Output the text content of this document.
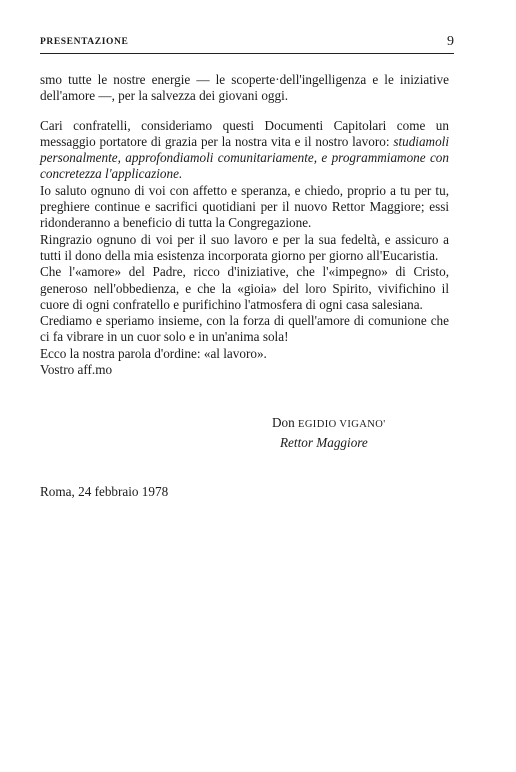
PRESENTAZIONE	9

smo tutte le nostre energie — le scoperte·dell'ingelligenza e le iniziative dell'amore —, per la salvezza dei giovani oggi.

Cari confratelli, consideriamo questi Documenti Capitolari come un messaggio portatore di grazia per la nostra vita e il nostro lavoro: studiamoli personalmente, approfondiamoli comunitariamente, e programmiamone con concretezza l'applicazione.

Io saluto ognuno di voi con affetto e speranza, e chiedo, proprio a tu per tu, preghiere continue e sacrifici quotidiani per il nuovo Rettor Maggiore; essi ridonderanno a beneficio di tutta la Congregazione.

Ringrazio ognuno di voi per il suo lavoro e per la sua fedeltà, e assicuro a tutti il dono della mia esistenza incorporata giorno per giorno all'Eucaristia.

Che l'«amore» del Padre, ricco d'iniziative, che l'«impegno» di Cristo, generoso nell'obbedienza, e che la «gioia» del loro Spirito, vivifichino il cuore di ogni confratello e purifichino l'atmosfera di ogni casa salesiana.

Crediamo e speriamo insieme, con la forza di quell'amore di comunione che ci fa vibrare in un cuor solo e in un'anima sola!

Ecco la nostra parola d'ordine: «al lavoro».

Vostro aff.mo

Don EGIDIO VIGANO'
Rettor Maggiore
Roma, 24 febbraio 1978
